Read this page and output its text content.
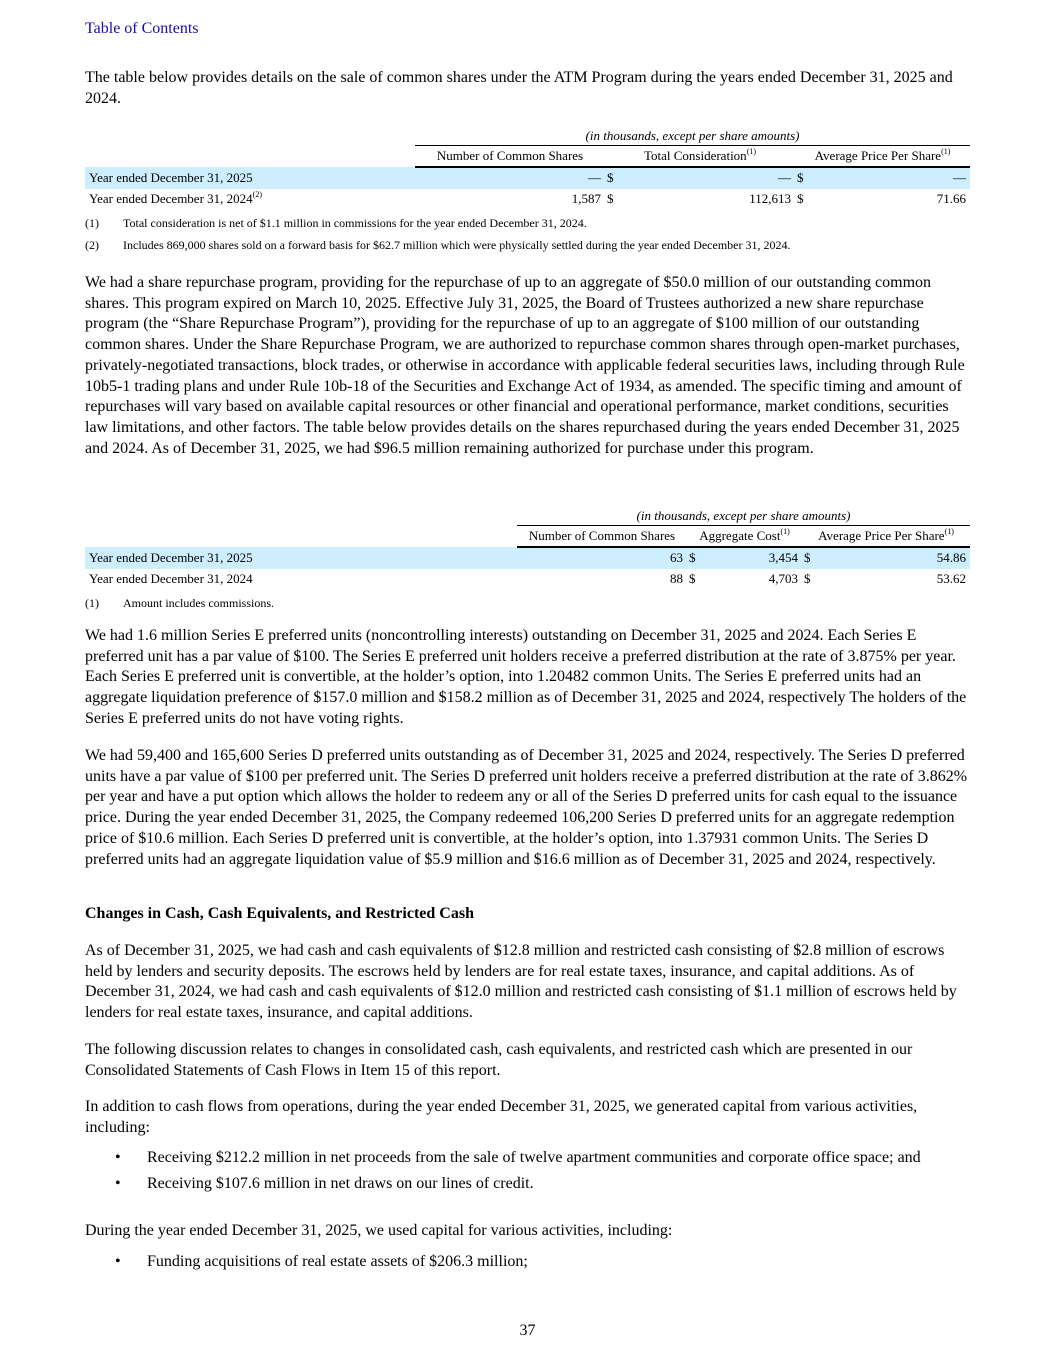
Table of Contents

The table below provides details on the sale of common shares under the ATM Program during the years ended December 31, 2025 and 2024.

	(in thousands, except per share amounts)				
	Number of Common Shares	Total Consideration$^{(1)}$		Average Price Per Share$^{(1)}$
Year ended December 31, 2025	—	$	—	$	—
Year ended December 31, 2024$^{(2)}$	1,587	$	112,613	$	71.66
(1)	Total consideration is net of $1.1 million in commissions for the year ended December 31, 2024.
(2)	Includes 869,000 shares sold on a forward basis for $62.7 million which were physically settled during the year ended December 31, 2024.

We had a share repurchase program, providing for the repurchase of up to an aggregate of $50.0 million of our outstanding common shares. This program expired on March 10, 2025. Effective July 31, 2025, the Board of Trustees authorized a new share repurchase program (the “Share Repurchase Program”), providing for the repurchase of up to an aggregate of $100 million of our outstanding common shares. Under the Share Repurchase Program, we are authorized to repurchase common shares through open-market purchases, privately-negotiated transactions, block trades, or otherwise in accordance with applicable federal securities laws, including through Rule 10b5-1 trading plans and under Rule 10b-18 of the Securities and Exchange Act of 1934, as amended. The specific timing and amount of repurchases will vary based on available capital resources or other financial and operational performance, market conditions, securities law limitations, and other factors. The table below provides details on the shares repurchased during the years ended December 31, 2025 and 2024. As of December 31, 2025, we had $96.5 million remaining authorized for purchase under this program.

	(in thousands, except per share amounts)				
	Number of Common Shares	Aggregate Cost$^{(1)}$		Average Price Per Share$^{(1)}$
Year ended December 31, 2025	63	$	3,454	$	54.86
Year ended December 31, 2024	88	$	4,703	$	53.62
(1)	Amount includes commissions.

We had 1.6 million Series E preferred units (noncontrolling interests) outstanding on December 31, 2025 and 2024. Each Series E preferred unit has a par value of $100. The Series E preferred unit holders receive a preferred distribution at the rate of 3.875% per year. Each Series E preferred unit is convertible, at the holder’s option, into 1.20482 common Units. The Series E preferred units had an aggregate liquidation preference of $157.0 million and $158.2 million as of December 31, 2025 and 2024, respectively The holders of the Series E preferred units do not have voting rights.

We had 59,400 and 165,600 Series D preferred units outstanding as of December 31, 2025 and 2024, respectively. The Series D preferred units have a par value of $100 per preferred unit. The Series D preferred unit holders receive a preferred distribution at the rate of 3.862% per year and have a put option which allows the holder to redeem any or all of the Series D preferred units for cash equal to the issuance price. During the year ended December 31, 2025, the Company redeemed 106,200 Series D preferred units for an aggregate redemption price of $10.6 million. Each Series D preferred unit is convertible, at the holder’s option, into 1.37931 common Units. The Series D preferred units had an aggregate liquidation value of $5.9 million and $16.6 million as of December 31, 2025 and 2024, respectively.

Changes in Cash, Cash Equivalents, and Restricted Cash

As of December 31, 2025, we had cash and cash equivalents of $12.8 million and restricted cash consisting of $2.8 million of escrows held by lenders and security deposits. The escrows held by lenders are for real estate taxes, insurance, and capital additions. As of December 31, 2024, we had cash and cash equivalents of $12.0 million and restricted cash consisting of $1.1 million of escrows held by lenders for real estate taxes, insurance, and capital additions.

The following discussion relates to changes in consolidated cash, cash equivalents, and restricted cash which are presented in our Consolidated Statements of Cash Flows in Item 15 of this report.

In addition to cash flows from operations, during the year ended December 31, 2025, we generated capital from various activities, including:

•	Receiving $212.2 million in net proceeds from the sale of twelve apartment communities and corporate office space; and
•	Receiving $107.6 million in net draws on our lines of credit.

During the year ended December 31, 2025, we used capital for various activities, including:

•	Funding acquisitions of real estate assets of $206.3 million;
37
